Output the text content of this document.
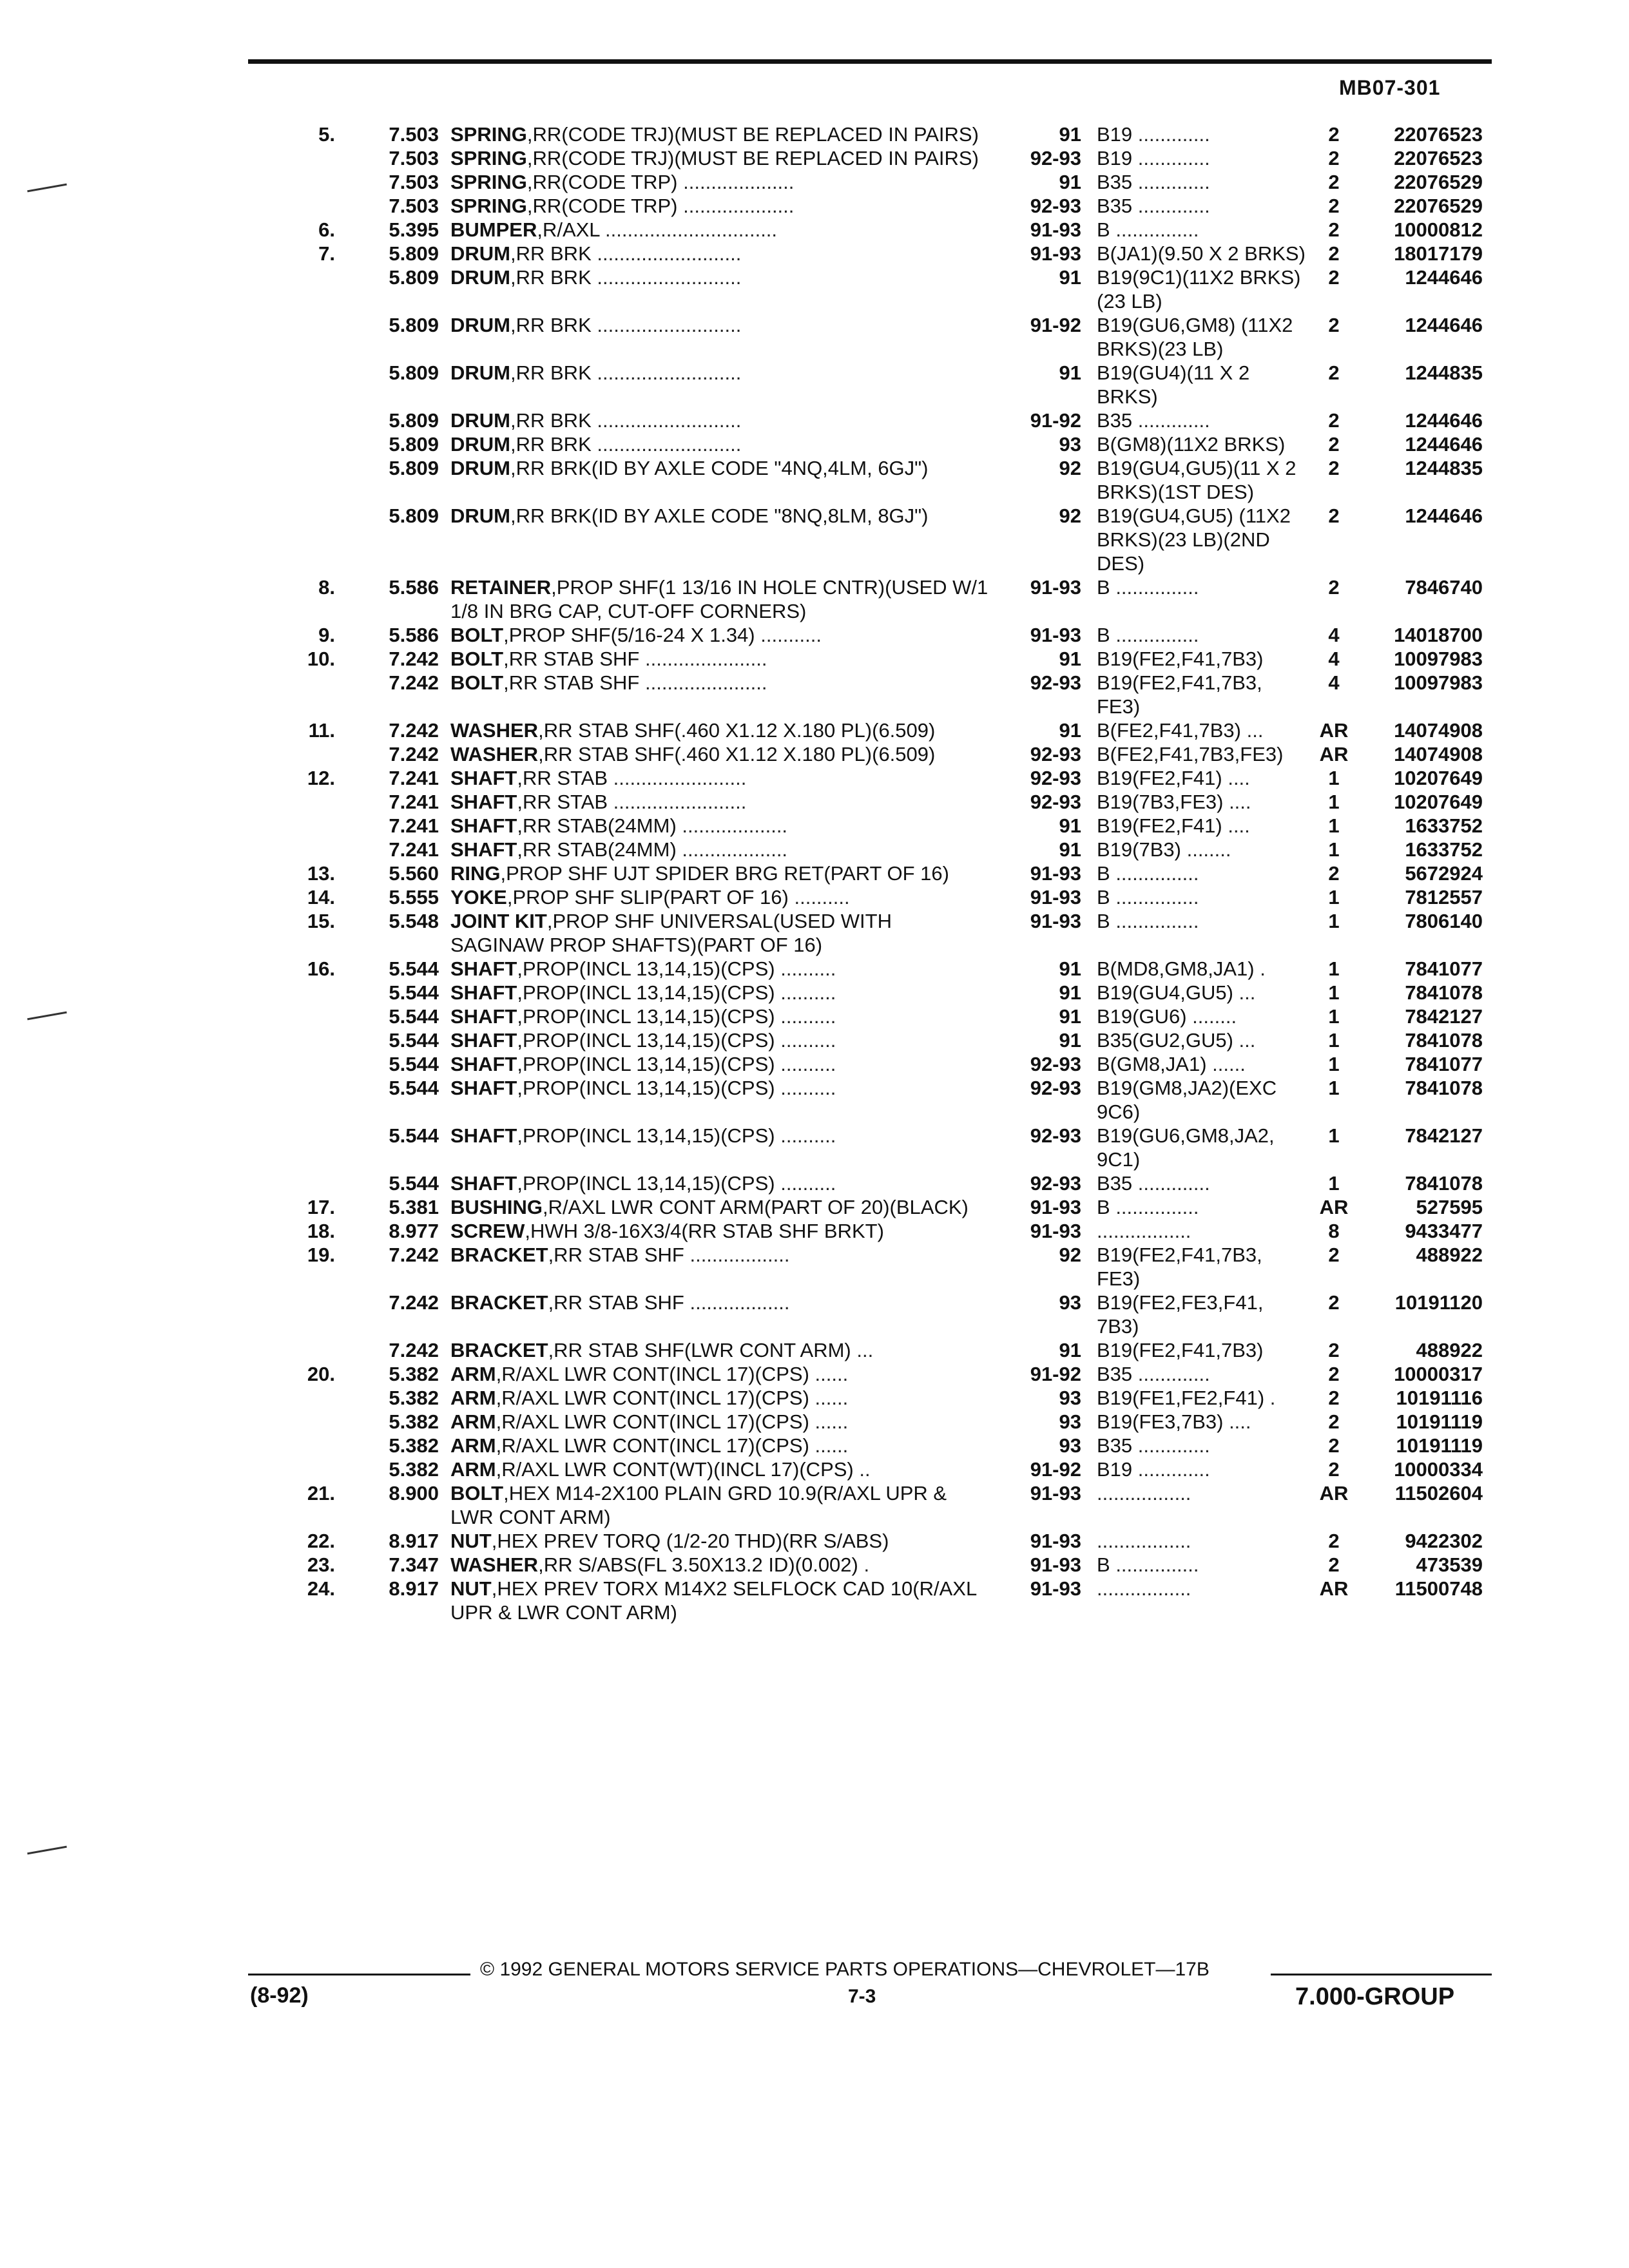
MB07-301
5.	7.503 SPRING,RR(CODE TRJ)(MUST BE REPLACED IN PAIRS)	91 B19 .............	2	22076523
7.503 SPRING,RR(CODE TRJ)(MUST BE REPLACED IN PAIRS)	92-93 B19 .............	2	22076523
7.503 SPRING,RR(CODE TRP) ....................	91 B35 .............	2	22076529
7.503 SPRING,RR(CODE TRP) ....................	92-93 B35 .............	2	22076529
6.	5.395 BUMPER,R/AXL ...............................	91-93 B ...............	2	10000812
7.	5.809 DRUM,RR BRK ..........................	91-93 B(JA1)(9.50 X 2 BRKS)	2	18017179
5.809 DRUM,RR BRK ..........................	91 B19(9C1)(11X2 BRKS)(23 LB)
2	1244646
5.809 DRUM,RR BRK ..........................	91-92 B19(GU6,GM8) (11X2 BRKS)(23 LB)
2	1244646
5.809 DRUM,RR BRK ..........................	91 B19(GU4)(11 X 2 BRKS)
2	1244835
5.809 DRUM,RR BRK ..........................	91-92 B35 .............	2	1244646
5.809 DRUM,RR BRK ..........................	93 B(GM8)(11X2 BRKS)	2	1244646
5.809 DRUM,RR BRK(ID BY AXLE CODE "4NQ,4LM, 6GJ")	92 B19(GU4,GU5)(11 X 2 BRKS)(1ST DES)
2	1244835
5.809 DRUM,RR BRK(ID BY AXLE CODE "8NQ,8LM, 8GJ")	92 B19(GU4,GU5) (11X2 BRKS)(23 LB)(2ND DES)
2	1244646
8.	5.586 RETAINER,PROP SHF(1 13/16 IN HOLE CNTR)(USED W/1 1/8 IN BRG CAP, CUT-OFF CORNERS)
91-93 B ...............	2	7846740
9.	5.586 BOLT,PROP SHF(5/16-24 X 1.34) ...........	91-93 B ...............	4	14018700
10.	7.242 BOLT,RR STAB SHF ......................	91 B19(FE2,F41,7B3)	4	10097983
7.242 BOLT,RR STAB SHF ......................	92-93 B19(FE2,F41,7B3, FE3)
4	10097983
11.	7.242 WASHER,RR STAB SHF(.460 X1.12 X.180 PL)(6.509)	91 B(FE2,F41,7B3) ...	AR	14074908
7.242 WASHER,RR STAB SHF(.460 X1.12 X.180 PL)(6.509)	92-93 B(FE2,F41,7B3,FE3)	AR	14074908
12.	7.241 SHAFT,RR STAB ........................	92-93 B19(FE2,F41) ....	1	10207649
7.241 SHAFT,RR STAB ........................	92-93 B19(7B3,FE3) ....	1	10207649
7.241 SHAFT,RR STAB(24MM) ...................	91 B19(FE2,F41) ....	1	1633752
7.241 SHAFT,RR STAB(24MM) ...................	91 B19(7B3) ........	1	1633752
13.	5.560 RING,PROP SHF UJT SPIDER BRG RET(PART OF 16)	91-93 B ...............	2	5672924
14.	5.555 YOKE,PROP SHF SLIP(PART OF 16) ..........	91-93 B ...............	1	7812557
15.	5.548 JOINT KIT,PROP SHF UNIVERSAL(USED WITH SAGINAW PROP SHAFTS)(PART OF 16)
91-93 B ...............	1	7806140
16.	5.544 SHAFT,PROP(INCL 13,14,15)(CPS) ..........	91 B(MD8,GM8,JA1) .	1	7841077
5.544 SHAFT,PROP(INCL 13,14,15)(CPS) ..........	91 B19(GU4,GU5) ...	1	7841078
5.544 SHAFT,PROP(INCL 13,14,15)(CPS) ..........	91 B19(GU6) ........	1	7842127
5.544 SHAFT,PROP(INCL 13,14,15)(CPS) ..........	91 B35(GU2,GU5) ...	1	7841078
5.544 SHAFT,PROP(INCL 13,14,15)(CPS) ..........	92-93 B(GM8,JA1) ......	1	7841077
5.544 SHAFT,PROP(INCL 13,14,15)(CPS) ..........	92-93 B19(GM8,JA2)(EXC 9C6)
1	7841078
5.544 SHAFT,PROP(INCL 13,14,15)(CPS) ..........	92-93 B19(GU6,GM8,JA2, 9C1)
1	7842127
5.544 SHAFT,PROP(INCL 13,14,15)(CPS) ..........	92-93 B35 .............	1	7841078
17.	5.381 BUSHING,R/AXL LWR CONT ARM(PART OF 20)(BLACK)	91-93 B ...............	AR	527595
18.	8.977 SCREW,HWH 3/8-16X3/4(RR STAB SHF BRKT)	91-93 .................	8	9433477
19.	7.242 BRACKET,RR STAB SHF ..................	92 B19(FE2,F41,7B3, FE3)
2	488922
7.242 BRACKET,RR STAB SHF ..................	93 B19(FE2,FE3,F41, 7B3)
2	10191120
7.242 BRACKET,RR STAB SHF(LWR CONT ARM) ...	91 B19(FE2,F41,7B3)	2	488922
20.	5.382 ARM,R/AXL LWR CONT(INCL 17)(CPS) ......	91-92 B35 .............	2	10000317
5.382 ARM,R/AXL LWR CONT(INCL 17)(CPS) ......	93 B19(FE1,FE2,F41) .	2	10191116
5.382 ARM,R/AXL LWR CONT(INCL 17)(CPS) ......	93 B19(FE3,7B3) ....	2	10191119
5.382 ARM,R/AXL LWR CONT(INCL 17)(CPS) ......	93 B35 .............	2	10191119
5.382 ARM,R/AXL LWR CONT(WT)(INCL 17)(CPS) ..	91-92 B19 .............	2	10000334
21.	8.900 BOLT,HEX M14-2X100 PLAIN GRD 10.9(R/AXL UPR & LWR CONT ARM)
91-93 .................	AR	11502604
22.	8.917 NUT,HEX PREV TORQ (1/2-20 THD)(RR S/ABS)	91-93 .................	2	9422302
23.	7.347 WASHER,RR S/ABS(FL 3.50X13.2 ID)(0.002) .	91-93 B ...............	2	473539
24.	8.917 NUT,HEX PREV TORX M14X2 SELFLOCK CAD 10(R/AXL UPR & LWR CONT ARM)
91-93 .................	AR	11500748
© 1992 GENERAL MOTORS SERVICE PARTS OPERATIONS—CHEVROLET—17B
(8-92)	7-3	7.000-GROUP
